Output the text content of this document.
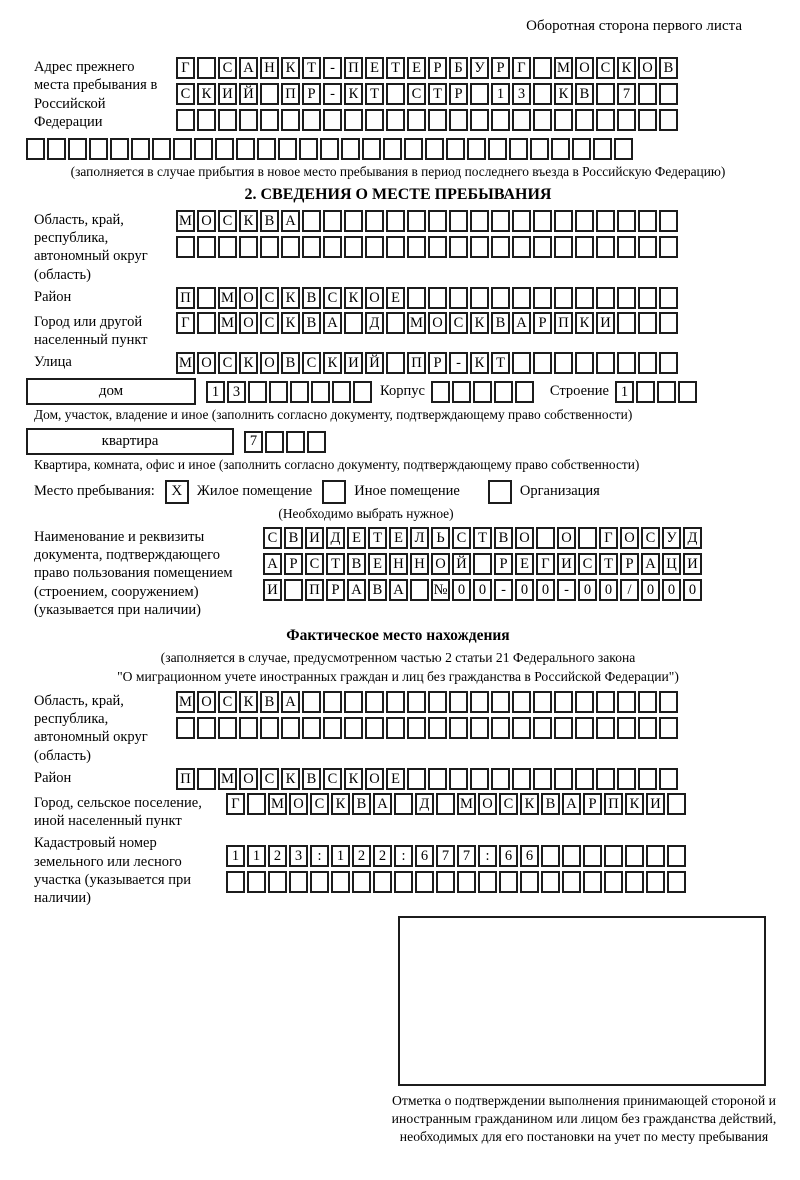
Оборотная сторона первого листа
Адрес прежнего места пребывания в Российской Федерации
Г	С А Н К Т - П Е Т Е Р Б У Р Г	М О С К О В
С К И Й П Р	- К Т	С Т Р	1 3	К В	7
(заполняется в случае прибытия в новое место пребывания в период последнего въезда в Российскую Федерацию)
2. СВЕДЕНИЯ О МЕСТЕ ПРЕБЫВАНИЯ
Область, край, республика, автономный округ (область)
М О С К В А
Район	П М О С К В С К О Е
Город или другой населенный пункт
Г	М О С К В А	Д	М О С К В А Р П К И
Улица	М О С К О В С К И Й П Р	- К Т
дом	1 3	Корпус	Строение 1
Дом, участок, владение и иное (заполнить согласно документу, подтверждающему право собственности)
квартира	7
Квартира, комната, офис и иное (заполнить согласно документу, подтверждающему право собственности)
Место пребывания:	X	Жилое помещение	Иное помещение	Организация
(Необходимо выбрать нужное)
Наименование и реквизиты документа, подтверждающего право пользования помещением (строением, сооружением) (указывается при наличии)
С В И Д Е Т Е Л Ь С Т В О О	Г О С У Д
А Р С Т В Е Н Н О Й	Р Е Г И С Т Р А Ц И
И П Р А В А № 0 0	-	0 0	-	0 0	/	0 0 0
Фактическое место нахождения
(заполняется в случае, предусмотренном частью 2 статьи 21 Федерального закона
"О миграционном учете иностранных граждан и лиц без гражданства в Российской Федерации")
Область, край, республика, автономный округ (область)
М О С К В А
Район	П М О С К В С К О Е
Город, сельское поселение, иной населенный пункт
Г	М О С К В А	Д	М О С К В А Р П К И
Кадастровый номер земельного или лесного участка (указывается при наличии)
1 1 2 3	:	1 2 2	:	6 7 7	:	6 6
Отметка о подтверждении выполнения принимающей стороной и иностранным гражданином или лицом без гражданства действий, необходимых для его постановки на учет по месту пребывания
